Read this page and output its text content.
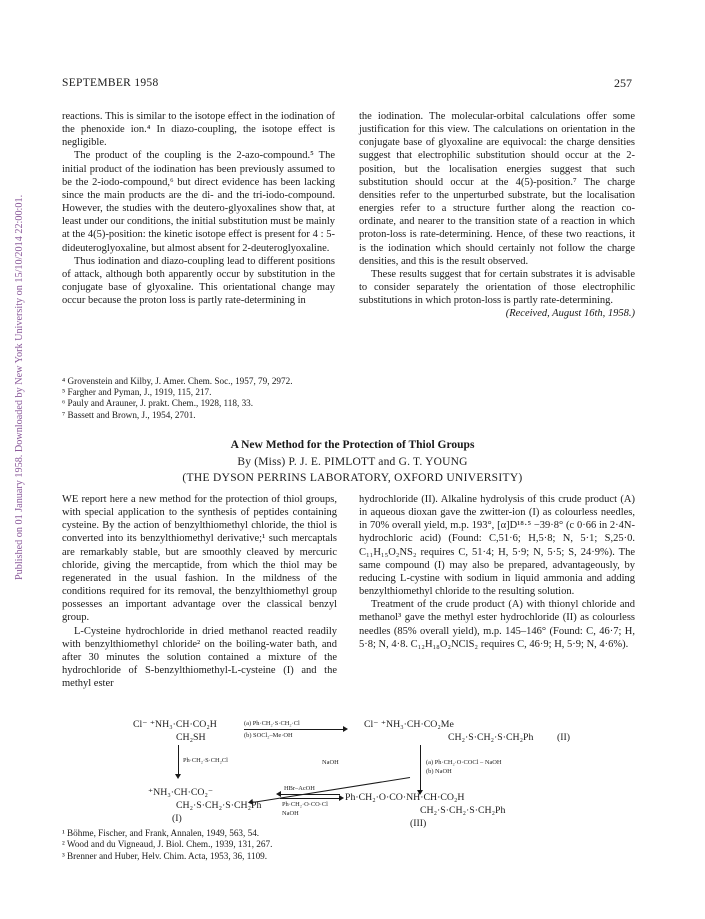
Published on 01 January 1958. Downloaded by New York University on 15/10/2014 22:00:01.
SEPTEMBER 1958	257

reactions. This is similar to the isotope effect in the iodination of the phenoxide ion.⁴ In diazo-coupling, the isotope effect is negligible.

The product of the coupling is the 2-azo-compound.⁵ The initial product of the iodination has been previously assumed to be the 2-iodo-compound,⁶ but direct evidence has been lacking since the main products are the di- and the tri-iodo-compound. However, the studies with the deutero-glyoxalines show that, at least under our conditions, the initial substitution must be mainly at the 4(5)-position: the kinetic isotope effect is present for 4 : 5-dideuteroglyoxaline, but almost absent for 2-deuteroglyoxaline.

Thus iodination and diazo-coupling lead to different positions of attack, although both apparently occur by substitution in the conjugate base of glyoxaline. This orientational change may occur because the proton loss is partly rate-determining in

the iodination. The molecular-orbital calculations offer some justification for this view. The calculations on orientation in the conjugate base of glyoxaline are equivocal: the charge densities suggest that electrophilic substitution should occur at the 2-position, but the localisation energies suggest that such substitution should occur at the 4(5)-position.⁷ The charge densities refer to the unperturbed substrate, but the localisation energies refer to a structure further along the reaction co-ordinate, and nearer to the transition state of a reaction in which proton-loss is rate-determining. Hence, of these two reactions, it is the iodination which should certainly not follow the charge densities, and this is the result observed.

These results suggest that for certain substrates it is advisable to consider separately the orientation of those electrophilic substitutions in which proton-loss is partly rate-determining.

(Received, August 16th, 1958.)

⁴ Grovenstein and Kilby, J. Amer. Chem. Soc., 1957, 79, 2972.
⁵ Fargher and Pyman, J., 1919, 115, 217.
⁶ Pauly and Arauner, J. prakt. Chem., 1928, 118, 33.
⁷ Bassett and Brown, J., 1954, 2701.
A New Method for the Protection of Thiol Groups
By (Miss) P. J. E. PIMLOTT and G. T. YOUNG
(THE DYSON PERRINS LABORATORY, OXFORD UNIVERSITY)

WE report here a new method for the protection of thiol groups, with special application to the synthesis of peptides containing cysteine. By the action of benzylthiomethyl chloride, the thiol is converted into its benzylthiomethyl derivative;¹ such mercaptals are remarkably stable, but are smoothly cleaved by mercuric chloride, giving the mercaptide, from which the thiol may be regenerated in the usual fashion. In the mildness of the conditions required for its removal, the benzylthiomethyl group possesses an important advantage over the classical benzyl group.

L-Cysteine hydrochloride in dried methanol reacted readily with benzylthiomethyl chloride² on the boiling-water bath, and after 30 minutes the solution contained a mixture of the hydrochloride of S-benzylthiomethyl-L-cysteine (I) and the methyl ester

hydrochloride (II). Alkaline hydrolysis of this crude product (A) in aqueous dioxan gave the zwitter-ion (I) as colourless needles, in 70% overall yield, m.p. 193°, [α]D¹⁸·⁵ −39·8° (c 0·66 in 2·4N-hydrochloric acid) (Found: C,51·6; H,5·8; N, 5·1; S,25·0. C₁₁H₁₅O₂NS₂ requires C, 51·4; H, 5·9; N, 5·5; S, 24·9%). The same compound (I) may also be prepared, advantageously, by reducing L-cystine with sodium in liquid ammonia and adding benzylthiomethyl chloride to the resulting solution.

Treatment of the crude product (A) with thionyl chloride and methanol³ gave the methyl ester hydrochloride (II) as colourless needles (85% overall yield), m.p. 145–146° (Found: C, 46·7; H, 5·8; N, 4·8. C₁₂H₁₈O₂NClS₂ requires C, 46·9; H, 5·9; N, 4·6%).

Cl⁻ ⁺NH₃·CH·CO₂H
CH₂SH
(a) Ph·CH₂·S·CH₂·Cl
(b) SOCl₂–Me·OH
Cl⁻ ⁺NH₃·CH·CO₂Me
CH₂·S·CH₂·S·CH₂Ph (II)
Ph·CH₂·S·CH₂Cl	NaOH	(a) Ph·CH₂·O·COCl – NaOH
(b) NaOH
⁺NH₃·CH·CO₂⁻
CH₂·S·CH₂·S·CH₂Ph
(I)
HBr–AcOH
Ph·CH₂·O·CO·Cl
NaOH
Ph·CH₂·O·CO·NH·CH·CO₂H
CH₂·S·CH₂·S·CH₂Ph
(III)
¹ Böhme, Fischer, and Frank, Annalen, 1949, 563, 54.
² Wood and du Vigneaud, J. Biol. Chem., 1939, 131, 267.
³ Brenner and Huber, Helv. Chim. Acta, 1953, 36, 1109.
